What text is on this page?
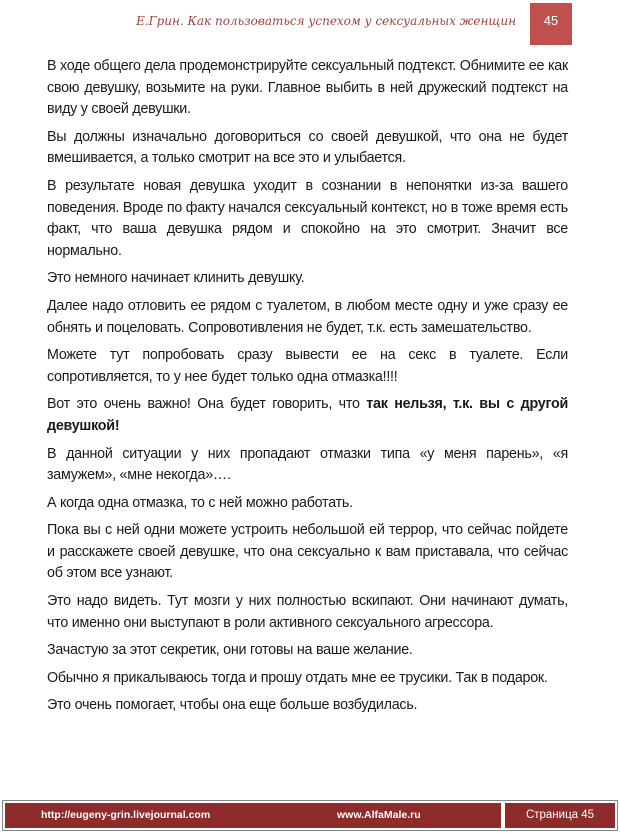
Е.Грин. Как пользоваться успехом у сексуальных женщин	45

В ходе общего дела продемонстрируйте сексуальный подтекст. Обнимите ее как свою девушку, возьмите на руки. Главное выбить в ней дружеский подтекст на виду у своей девушки.

Вы должны изначально договориться со своей девушкой, что она не будет вмешивается, а только смотрит на все это и улыбается.

В результате новая девушка уходит в сознании в непонятки из-за вашего поведения. Вроде по факту начался сексуальный контекст, но в тоже время есть факт, что ваша девушка рядом и спокойно на это смотрит. Значит все нормально.

Это немного начинает клинить девушку.

Далее надо отловить ее рядом с туалетом, в любом месте одну и уже сразу ее обнять и поцеловать. Сопровотивления не будет, т.к. есть замешательство.

Можете тут попробовать сразу вывести ее на секс в туалете. Если сопротивляется, то у нее будет только одна отмазка!!!!

Вот это очень важно! Она будет говорить, что так нельзя, т.к. вы с другой девушкой!

В данной ситуации у них пропадают отмазки типа «у меня парень», «я замужем», «мне некогда»….

А когда одна отмазка, то с ней можно работать.

Пока вы с ней одни можете устроить небольшой ей террор, что сейчас пойдете и расскажете своей девушке, что она сексуально к вам приставала, что сейчас об этом все узнают.

Это надо видеть. Тут мозги у них полностью вскипают. Они начинают думать, что именно они выступают в роли активного сексуального агрессора.

Зачастую за этот секретик, они готовы на ваше желание.

Обычно я прикалываюсь тогда и прошу отдать мне ее трусики. Так в подарок.

Это очень помогает, чтобы она еще больше возбудилась.

http://eugeny-grin.livejournal.com	www.AlfaMale.ru	Страница 45
